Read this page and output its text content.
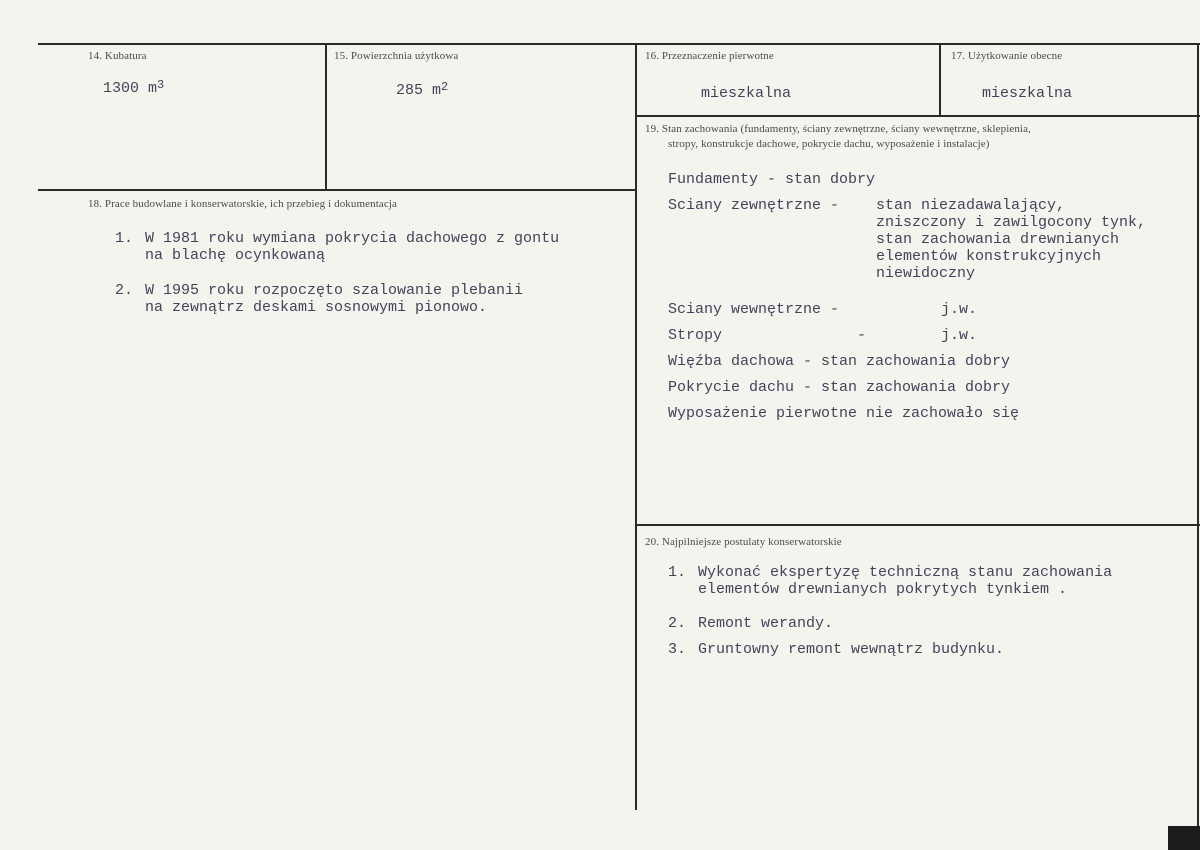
14. Kubatura
1300 $m^3$
15. Powierzchnia użytkowa
285 $m^2$
16. Przeznaczenie pierwotne
mieszkalna
17. Użytkowanie obecne
mieszkalna
18. Prace budowlane i konserwatorskie, ich przebieg i dokumentacja
1. W 1981 roku wymiana pokrycia dachowego z gontu
na blachę ocynkowaną
2. W 1995 roku rozpoczęto szalowanie plebanii
na zewnątrz deskami sosnowymi pionowo.
19. Stan zachowania (fundamenty, ściany zewnętrzne, ściany wewnętrzne, sklepienia,
stropy, konstrukcje dachowe, pokrycie dachu, wyposażenie i instalacje)
Fundamenty - stan dobry
Sciany zewnętrzne - stan niezadawalający,
zniszczony i zawilgocony tynk,
stan zachowania drewnianych
elementów konstrukcyjnych
niewidoczny
Sciany wewnętrzne -	j.w.
Stropy	-	j.w.
Więźba dachowa - stan zachowania dobry
Pokrycie dachu - stan zachowania dobry
Wyposażenie pierwotne nie zachowało się
20. Najpilniejsze postulaty konserwatorskie
1. Wykonać ekspertyzę techniczną stanu zachowania
elementów drewnianych pokrytych tynkiem .
2. Remont werandy.
3. Gruntowny remont wewnątrz budynku.
